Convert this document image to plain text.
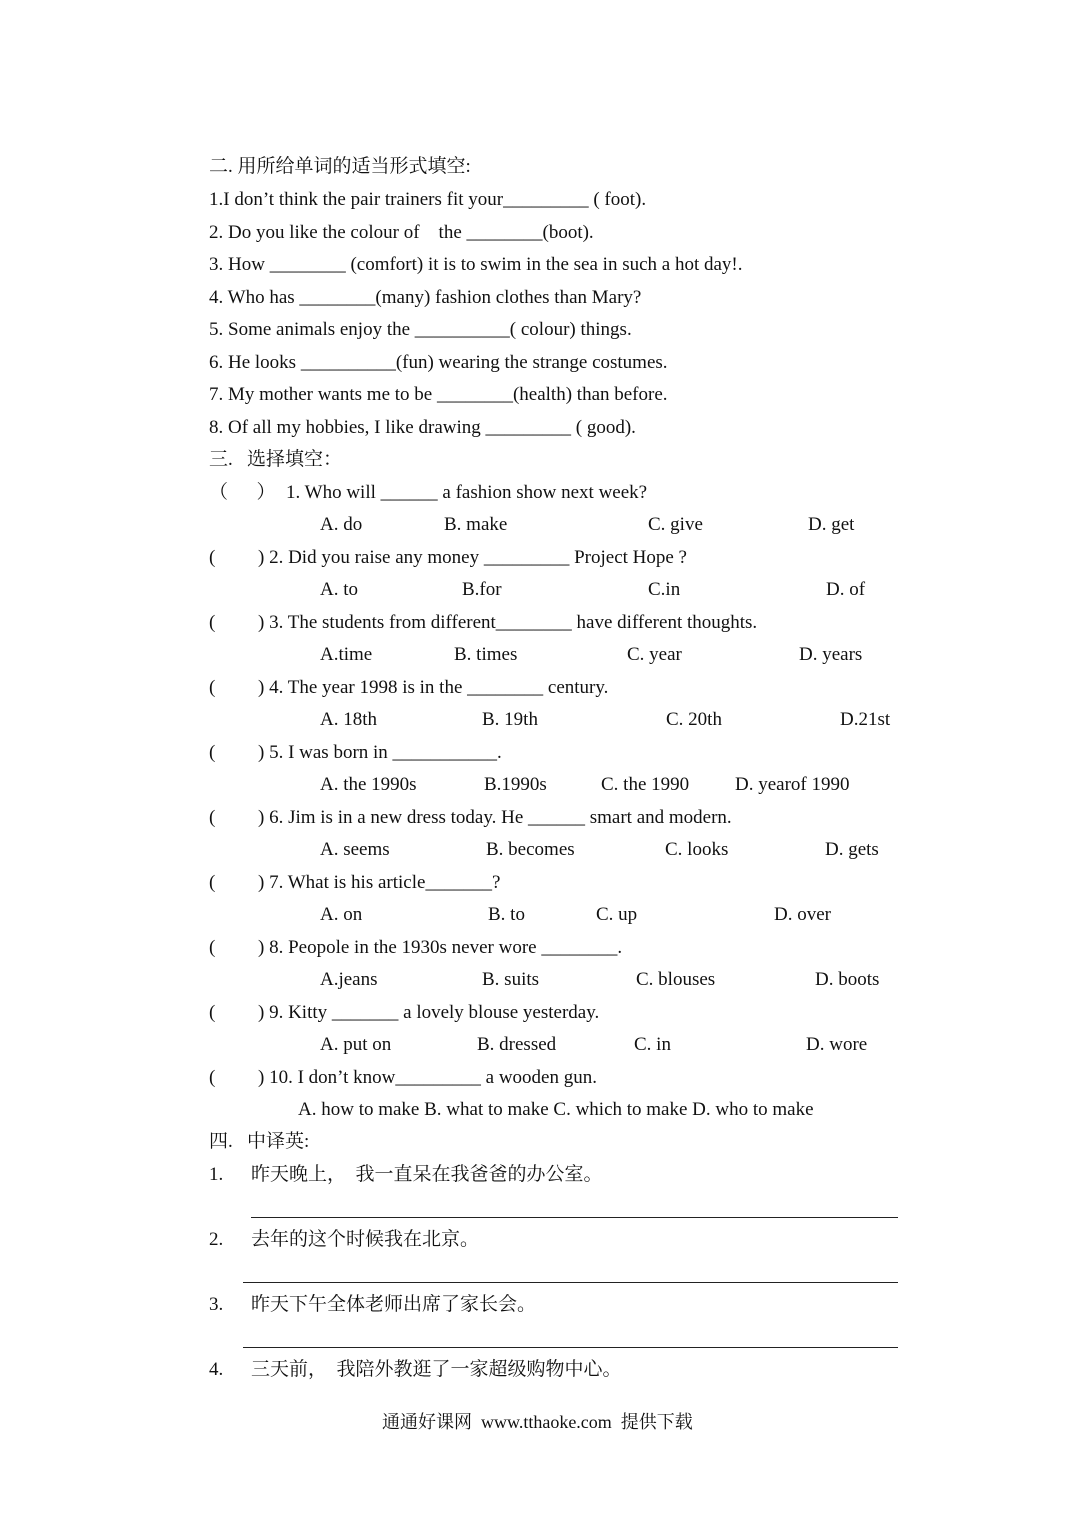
二. 用所给单词的适当形式填空:
1.I don’t think the pair trainers fit your_________ ( foot).
2. Do you like the colour of    the ________(boot).
3. How ________ (comfort) it is to swim in the sea in such a hot day!.
4. Who has ________(many) fashion clothes than Mary?
5. Some animals enjoy the __________( colour) things.
6. He looks __________(fun) wearing the strange costumes.
7. My mother wants me to be ________(health) than before.
8. Of all my hobbies, I like drawing _________ ( good).
三.   选择填空：
（      ） 1. Who will ______ a fashion show next week?
A. do	B. make	C. give	D. get
( ) 2. Did you raise any money _________ Project Hope ?
A. to	B.for	C.in	D. of
( ) 3. The students from different________ have different thoughts.
A.time	B. times	C. year	D. years
( ) 4. The year 1998 is in the ________ century.
A. 18th	B. 19th	C. 20th	D.21st
( ) 5. I was born in ___________.
A. the 1990s	B.1990s	C. the 1990 D. yearof 1990
( ) 6. Jim is in a new dress today. He ______ smart and modern.
A. seems	B. becomes	C. looks	D. gets
( ) 7. What is his article_______?
A. on	B. to	C. up	D. over
( ) 8. Peopole in the 1930s never wore ________.
A.jeans	B. suits	C. blouses	D. boots
( ) 9. Kitty _______ a lovely blouse yesterday.
A. put on	B. dressed	C. in	D. wore
( ) 10. I don’t know_________ a wooden gun.
A. how to make B. what to make C. which to make D. who to make
四.   中译英:
1. 昨天晚上，  我一直呆在我爸爸的办公室。
2. 去年的这个时候我在北京。
3. 昨天下午全体老师出席了家长会。
4. 三天前，  我陪外教逛了一家超级购物中心。
通通好课网  www.tthaoke.com  提供下载
